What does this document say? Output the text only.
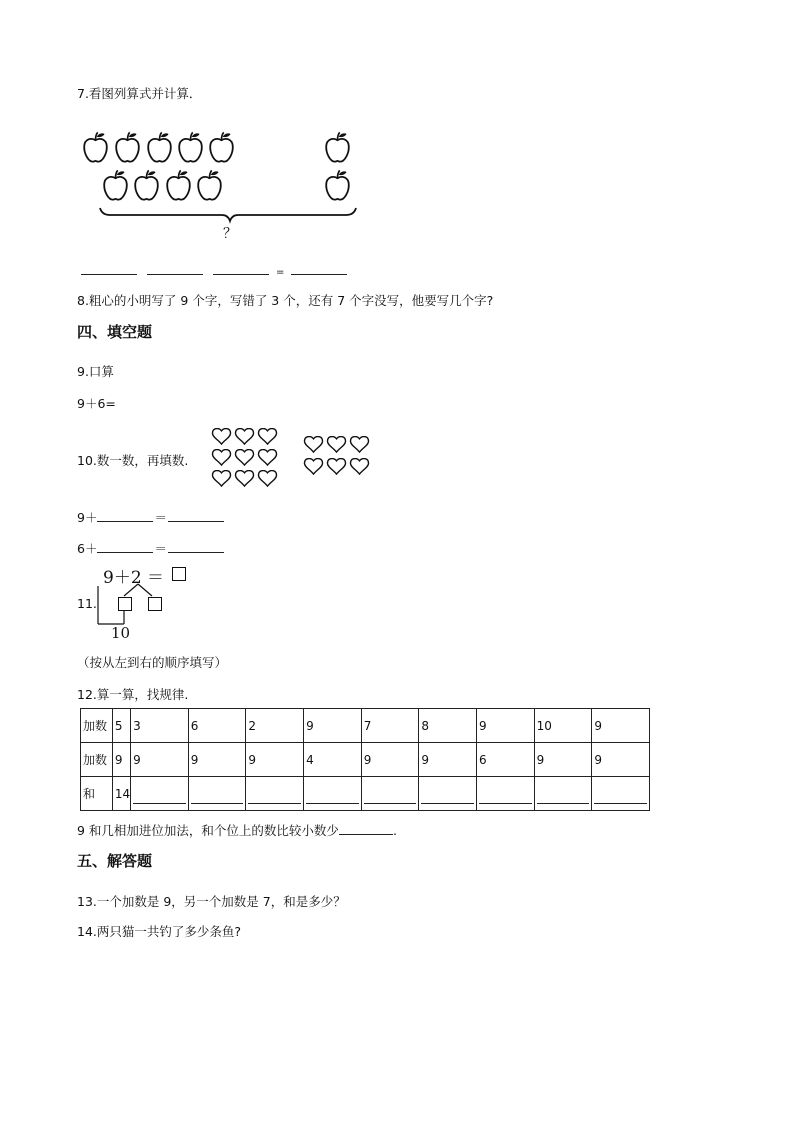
7.看图列算式并计算．
？
=
8.粗心的小明写了 9 个字，写错了 3 个，还有 7 个字没写，他要写几个字?
四、填空题
9.口算
9＋6=
10.数一数，再填数.
9＋	＝
6＋	＝
11.
9＋2 ＝
10
（按从左到右的顺序填写）
12.算一算，找规律.
加数	5	3	6	2	9	7	8	9	10	9
加数	9	9	9	9	4	9	9	6	9	9
和	14	

9 和几相加进位加法，和个位上的数比较小数少	.
五、解答题
13.一个加数是 9，另一个加数是 7，和是多少？
14.两只猫一共钓了多少条鱼?
